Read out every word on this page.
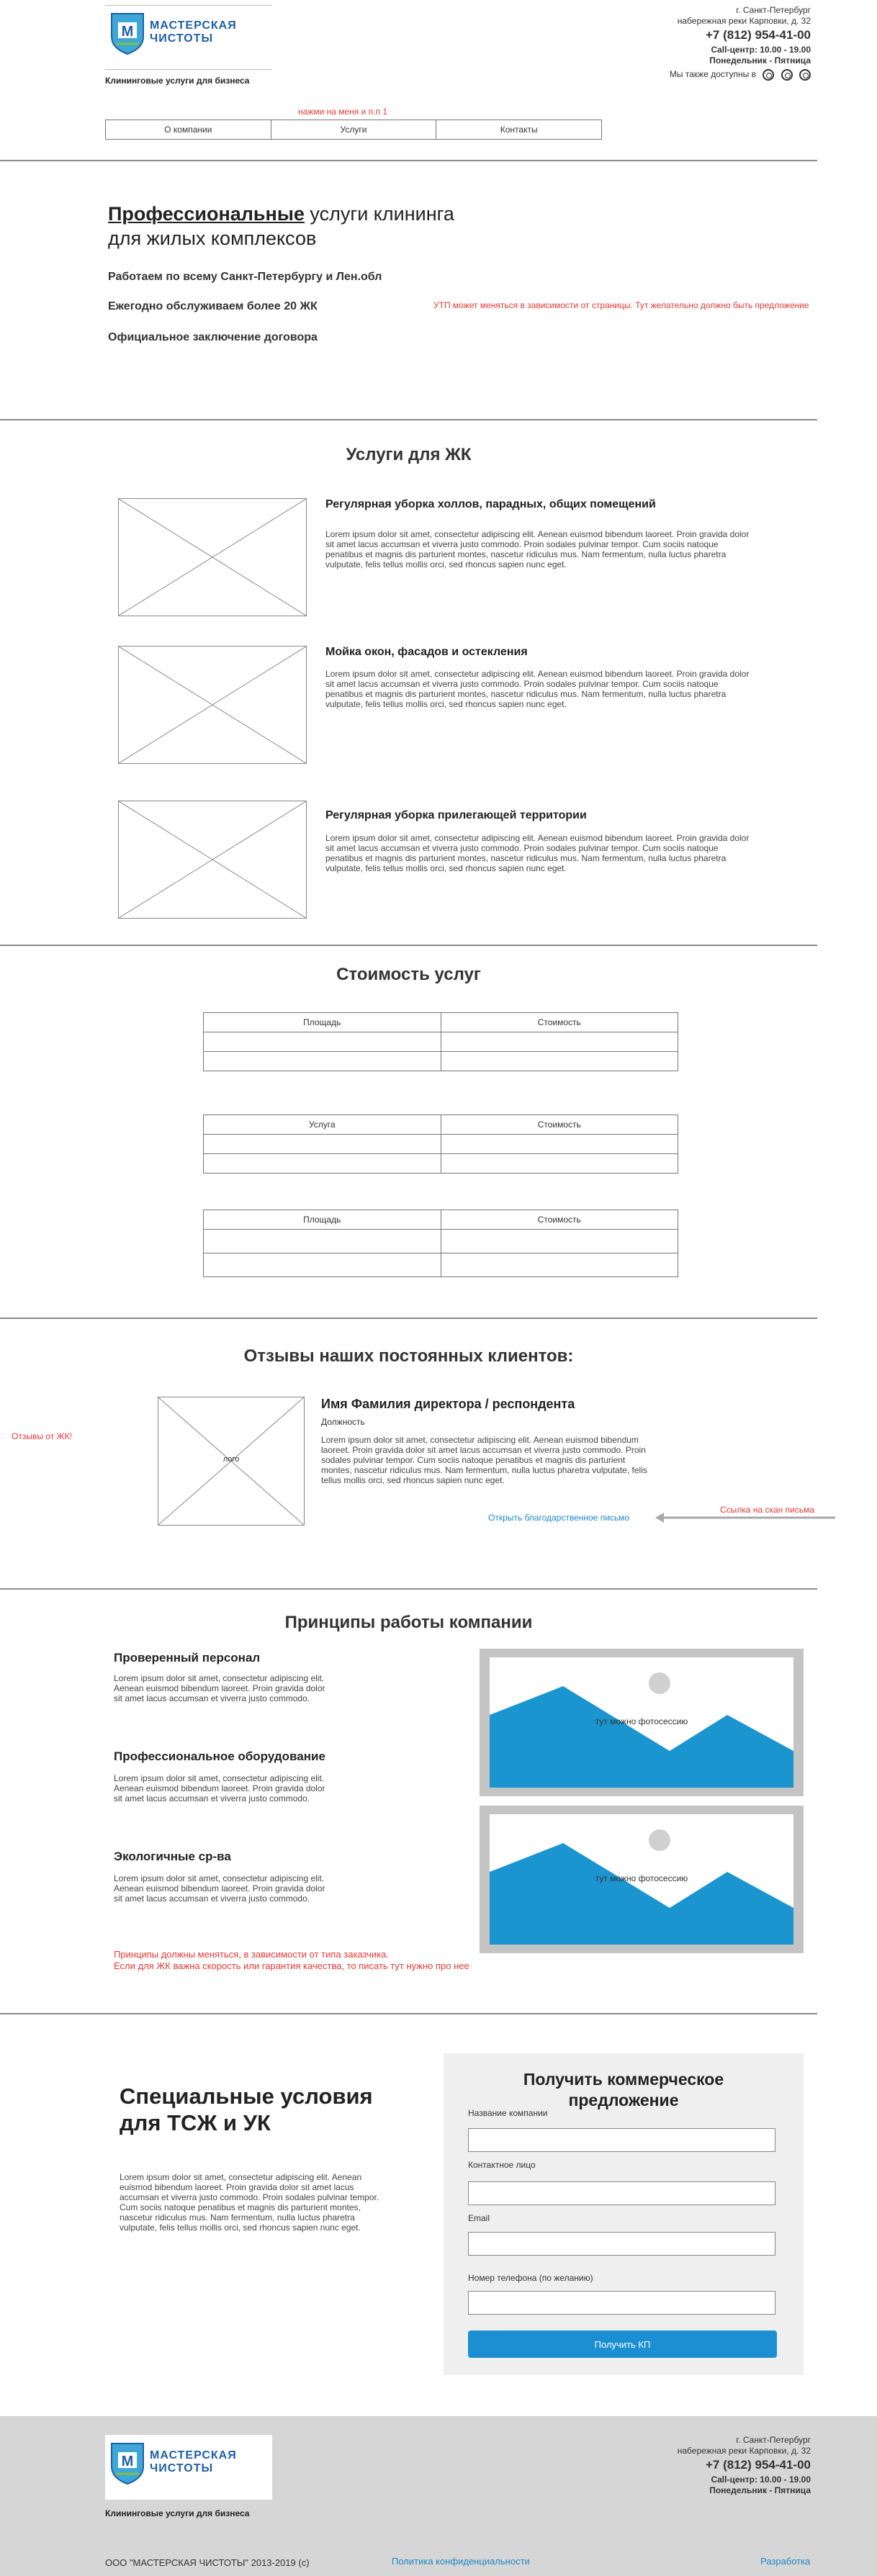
М МАСТЕРСКАЯ
ЧИСТОТЫ
Клининговые услуги для бизнеса
г. Санкт-Петербург
набережная реки Карповки, д. 32
+7 (812) 954-41-00
Call-центр: 10.00 - 19.00
Понедельник - Пятница
Мы также доступны в
нажми на меня и п.п 1
О компании	Услуги	Контакты
Профессиональные услуги клининга
для жилых комплексов
Работаем по всему Санкт-Петербургу и Лен.обл
Ежегодно обслуживаем более 20 ЖК
Официальное заключение договора
УТП может меняться в зависимости от страницы. Тут желательно должно быть предложение
Услуги для ЖК
Регулярная уборка холлов, парадных, общих помещений
Lorem ipsum dolor sit amet, consectetur adipiscing elit. Aenean euismod bibendum laoreet. Proin gravida dolor sit amet lacus accumsan et viverra justo commodo. Proin sodales pulvinar tempor. Cum sociis natoque penatibus et magnis dis parturient montes, nascetur ridiculus mus. Nam fermentum, nulla luctus pharetra vulputate, felis tellus mollis orci, sed rhoncus sapien nunc eget.
Мойка окон, фасадов и остекления
Lorem ipsum dolor sit amet, consectetur adipiscing elit. Aenean euismod bibendum laoreet. Proin gravida dolor sit amet lacus accumsan et viverra justo commodo. Proin sodales pulvinar tempor. Cum sociis natoque penatibus et magnis dis parturient montes, nascetur ridiculus mus. Nam fermentum, nulla luctus pharetra vulputate, felis tellus mollis orci, sed rhoncus sapien nunc eget.
Регулярная уборка прилегающей территории
Lorem ipsum dolor sit amet, consectetur adipiscing elit. Aenean euismod bibendum laoreet. Proin gravida dolor sit amet lacus accumsan et viverra justo commodo. Proin sodales pulvinar tempor. Cum sociis natoque penatibus et magnis dis parturient montes, nascetur ridiculus mus. Nam fermentum, nulla luctus pharetra vulputate, felis tellus mollis orci, sed rhoncus sapien nunc eget.
Стоимость услуг
Площадь	Стоимость

Услуга	Стоимость

Площадь	Стоимость

Отзывы наших постоянных клиентов:
Отзывы от ЖК!
лого
Имя Фамилия директора / респондента
Должность
Lorem ipsum dolor sit amet, consectetur adipiscing elit. Aenean euismod bibendum laoreet. Proin gravida dolor sit amet lacus accumsan et viverra justo commodo. Proin sodales pulvinar tempor. Cum sociis natoque penatibus et magnis dis parturient montes, nascetur ridiculus mus. Nam fermentum, nulla luctus pharetra vulputate, felis tellus mollis orci, sed rhoncus sapien nunc eget.
Открыть благодарственное письмо
Ссылка на скан письма
Принципы работы компании
Проверенный персонал
Lorem ipsum dolor sit amet, consectetur adipiscing elit. Aenean euismod bibendum laoreet. Proin gravida dolor sit amet lacus accumsan et viverra justo commodo.
Профессиональное оборудование
Lorem ipsum dolor sit amet, consectetur adipiscing elit. Aenean euismod bibendum laoreet. Proin gravida dolor sit amet lacus accumsan et viverra justo commodo.
Экологичные ср-ва
Lorem ipsum dolor sit amet, consectetur adipiscing elit. Aenean euismod bibendum laoreet. Proin gravida dolor sit amet lacus accumsan et viverra justo commodo.
тут можно фотосессию
тут можно фотосессию
Принципы должны меняться, в зависимости от типа заказчика.
Если для ЖК важна скорость или гарантия качества, то писать тут нужно про нее
Специальные условия
для ТСЖ и УК
Lorem ipsum dolor sit amet, consectetur adipiscing elit. Aenean euismod bibendum laoreet. Proin gravida dolor sit amet lacus accumsan et viverra justo commodo. Proin sodales pulvinar tempor. Cum sociis natoque penatibus et magnis dis parturient montes, nascetur ridiculus mus. Nam fermentum, nulla luctus pharetra vulputate, felis tellus mollis orci, sed rhoncus sapien nunc eget.
Получить коммерческое
предложение
Название компании
Контактное лицо
Email
Номер телефона (по желанию)
Получить КП
М МАСТЕРСКАЯ
ЧИСТОТЫ
Клининговые услуги для бизнеса
г. Санкт-Петербург
набережная реки Карповки, д. 32
+7 (812) 954-41-00
Call-центр: 10.00 - 19.00
Понедельник - Пятница
ООО "МАСТЕРСКАЯ ЧИСТОТЫ" 2013-2019 (с)	Политика конфиденциальности	Разработка
